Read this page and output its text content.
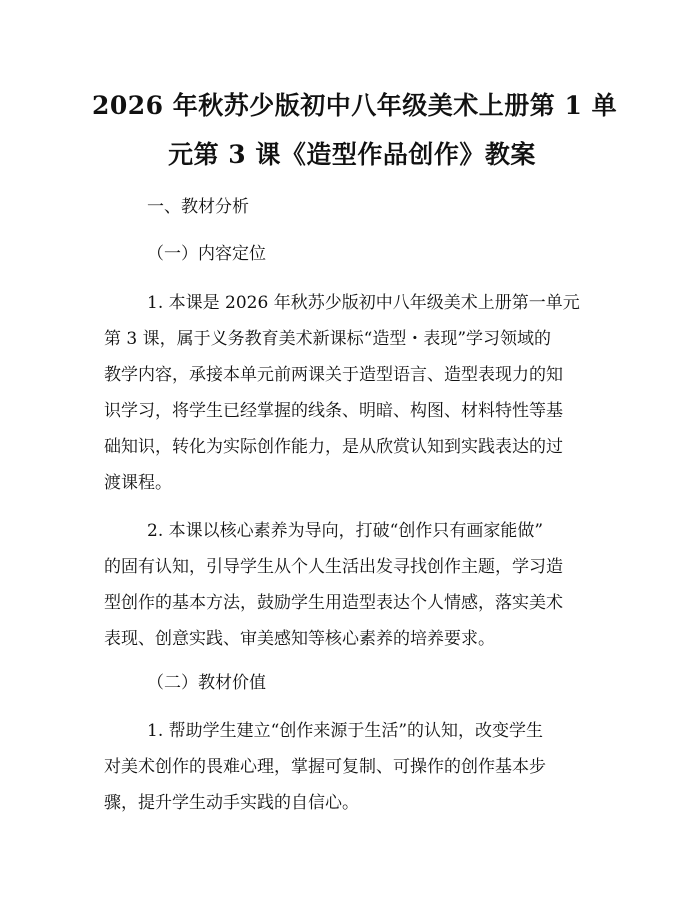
2026 年秋苏少版初中八年级美术上册第 1 单
元第 3 课《造型作品创作》教案
一、教材分析
（一）内容定位
1. 本课是 2026 年秋苏少版初中八年级美术上册第一单元
第 3 课，属于义务教育美术新课标“造型・表现”学习领域的
教学内容，承接本单元前两课关于造型语言、造型表现力的知
识学习，将学生已经掌握的线条、明暗、构图、材料特性等基
础知识，转化为实际创作能力，是从欣赏认知到实践表达的过
渡课程。
2. 本课以核心素养为导向，打破“创作只有画家能做”
的固有认知，引导学生从个人生活出发寻找创作主题，学习造
型创作的基本方法，鼓励学生用造型表达个人情感，落实美术
表现、创意实践、审美感知等核心素养的培养要求。
（二）教材价值
1. 帮助学生建立“创作来源于生活”的认知，改变学生
对美术创作的畏难心理，掌握可复制、可操作的创作基本步
骤，提升学生动手实践的自信心。
